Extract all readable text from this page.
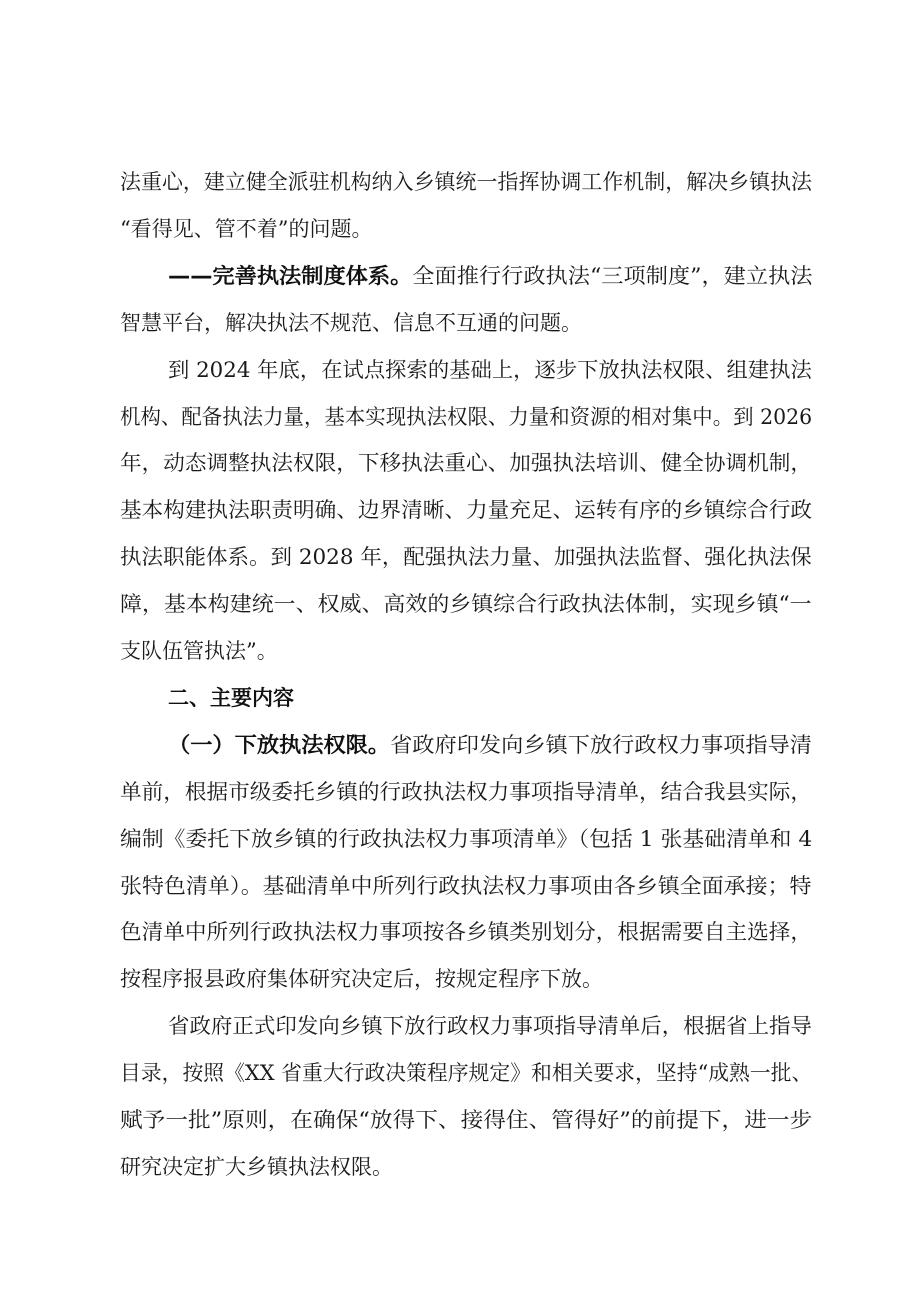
法重心，建立健全派驻机构纳入乡镇统一指挥协调工作机制，解决乡镇执法
“看得见、管不着”的问题。
——完善执法制度体系。全面推行行政执法“三项制度”，建立执法
智慧平台，解决执法不规范、信息不互通的问题。
到 2024 年底，在试点探索的基础上，逐步下放执法权限、组建执法
机构、配备执法力量，基本实现执法权限、力量和资源的相对集中。到 2026
年，动态调整执法权限，下移执法重心、加强执法培训、健全协调机制，
基本构建执法职责明确、边界清晰、力量充足、运转有序的乡镇综合行政
执法职能体系。到 2028 年，配强执法力量、加强执法监督、强化执法保
障，基本构建统一、权威、高效的乡镇综合行政执法体制，实现乡镇“一
支队伍管执法”。
二、主要内容
（一）下放执法权限。省政府印发向乡镇下放行政权力事项指导清
单前，根据市级委托乡镇的行政执法权力事项指导清单，结合我县实际，
编制《委托下放乡镇的行政执法权力事项清单》（包括 1 张基础清单和 4
张特色清单）。基础清单中所列行政执法权力事项由各乡镇全面承接；特
色清单中所列行政执法权力事项按各乡镇类别划分，根据需要自主选择，
按程序报县政府集体研究决定后，按规定程序下放。
省政府正式印发向乡镇下放行政权力事项指导清单后，根据省上指导
目录，按照《XX 省重大行政决策程序规定》和相关要求，坚持“成熟一批、
赋予一批”原则，在确保“放得下、接得住、管得好”的前提下，进一步
研究决定扩大乡镇执法权限。
